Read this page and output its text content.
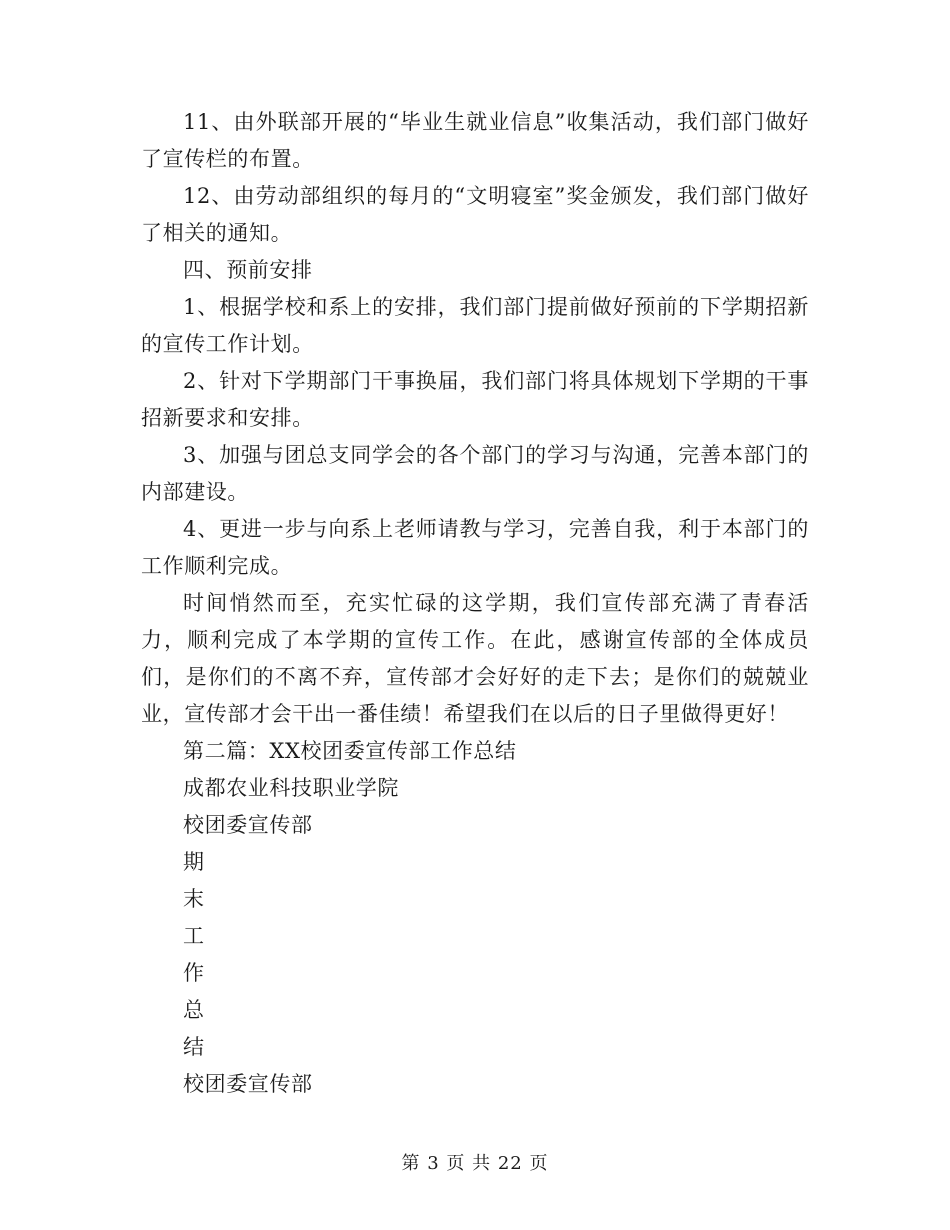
11、由外联部开展的“毕业生就业信息”收集活动，我们部门做好了宣传栏的布置。

12、由劳动部组织的每月的“文明寝室”奖金颁发，我们部门做好了相关的通知。

四、预前安排

1、根据学校和系上的安排，我们部门提前做好预前的下学期招新的宣传工作计划。

2、针对下学期部门干事换届，我们部门将具体规划下学期的干事招新要求和安排。

3、加强与团总支同学会的各个部门的学习与沟通，完善本部门的内部建设。

4、更进一步与向系上老师请教与学习，完善自我，利于本部门的工作顺利完成。

时间悄然而至，充实忙碌的这学期，我们宣传部充满了青春活力，顺利完成了本学期的宣传工作。在此，感谢宣传部的全体成员们，是你们的不离不弃，宣传部才会好好的走下去；是你们的兢兢业业，宣传部才会干出一番佳绩！希望我们在以后的日子里做得更好！

第二篇：XX校团委宣传部工作总结

成都农业科技职业学院

校团委宣传部

期

末

工

作

总

结

校团委宣传部

第 3 页 共 22 页
